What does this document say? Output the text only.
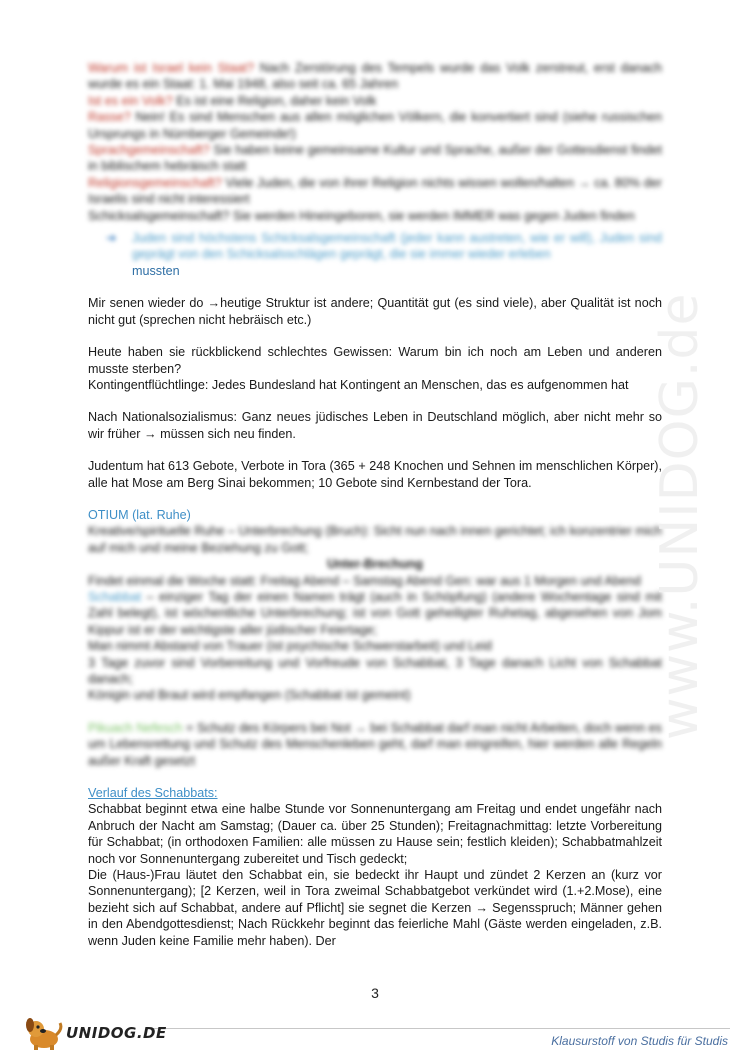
Warum ist Israel kein Staat? Nach Zerstörung des Tempels wurde das Volk zerstreut, erst danach wurde es ein Staat: 1. Mai 1948, also seit ca. 65 Jahren

Ist es ein Volk? Es ist eine Religion, daher kein Volk

Rasse? Nein! Es sind Menschen aus allen möglichen Völkern, die konvertiert sind (siehe russischen Ursprungs in Nürnberger Gemeinde!)

Sprachgemeinschaft? Sie haben keine gemeinsame Kultur und Sprache, außer der Gottesdienst findet in biblischem hebräisch statt

Religionsgemeinschaft? Viele Juden, die von ihrer Religion nichts wissen wollen/halten → ca. 80% der Israelis sind nicht interessiert

Schicksalsgemeinschaft? Sie werden Hineingeboren, sie werden IMMER was gegen Juden finden

➔	Juden sind höchstens Schicksalsgemeinschaft (jeder kann austreten, wie er will), Juden sind geprägt von den Schicksalsschlägen geprägt, die sie immer wieder erleben
mussten

Mir senen wieder do →heutige Struktur ist andere; Quantität gut (es sind viele), aber Qualität ist noch nicht gut (sprechen nicht hebräisch etc.)

Heute haben sie rückblickend schlechtes Gewissen: Warum bin ich noch am Leben und anderen musste sterben?

Kontingentflüchtlinge: Jedes Bundesland hat Kontingent an Menschen, das es aufgenommen hat

Nach Nationalsozialismus: Ganz neues jüdisches Leben in Deutschland möglich, aber nicht mehr so wir früher → müssen sich neu finden.

Judentum hat 613 Gebote, Verbote in Tora (365 + 248 Knochen und Sehnen im menschlichen Körper), alle hat Mose am Berg Sinai bekommen; 10 Gebote sind Kernbestand der Tora.

OTIUM (lat. Ruhe)

Kreative/spirituelle Ruhe – Unterbrechung (Bruch): Sicht nun nach innen gerichtet; ich konzentrier mich auf mich und meine Beziehung zu Gott;

Unter-Brechung

Findet einmal die Woche statt: Freitag Abend – Samstag Abend Gen: war aus 1 Morgen und Abend

Schabbat – einziger Tag der einen Namen trägt (auch in Schöpfung) (andere Wochentage sind mit Zahl belegt), ist wöchentliche Unterbrechung; ist von Gott geheiligter Ruhetag, abgesehen von Jom Kippur ist er der wichtigste aller jüdischer Feiertage;

Man nimmt Abstand von Trauer (ist psychische Schwerstarbeit) und Leid

3 Tage zuvor sind Vorbereitung und Vorfreude von Schabbat, 3 Tage danach Licht von Schabbat danach;

Königin und Braut wird empfangen (Schabbat ist gemeint)

Pikuach Nefesch = Schutz des Körpers bei Not → bei Schabbat darf man nicht Arbeiten, doch wenn es um Lebensrettung und Schutz des Menschenleben geht, darf man eingreifen, hier werden alle Regeln außer Kraft gesetzt

Verlauf des Schabbats:

Schabbat beginnt etwa eine halbe Stunde vor Sonnenuntergang am Freitag und endet ungefähr nach Anbruch der Nacht am Samstag; (Dauer ca. über 25 Stunden); Freitagnachmittag: letzte Vorbereitung für Schabbat; (in orthodoxen Familien: alle müssen zu Hause sein; festlich kleiden); Schabbatmahlzeit noch vor Sonnenuntergang zubereitet und Tisch gedeckt;

Die (Haus-)Frau läutet den Schabbat ein, sie bedeckt ihr Haupt und zündet 2 Kerzen an (kurz vor Sonnenuntergang); [2 Kerzen, weil in Tora zweimal Schabbatgebot verkündet wird (1.+2.Mose), eine bezieht sich auf Schabbat, andere auf Pflicht] sie segnet die Kerzen → Segensspruch; Männer gehen in den Abendgottesdienst; Nach Rückkehr beginnt das feierliche Mahl (Gäste werden eingeladen, z.B. wenn Juden keine Familie mehr haben). Der

3
www.UNIDOG.de
UNIDOG.DE	Klausurstoff von Studis für Studis
